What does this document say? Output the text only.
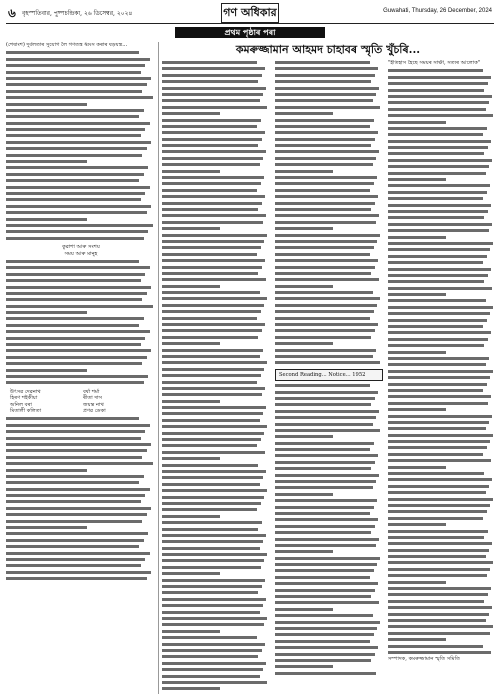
৬ বৃহস্পতিবার, পুষ্পচন্দ্রিকা, ২৬ ডিসেম্বর, ২০২৪	গণ অধিকার	Guwahati, Thursday, 26 December, 2024
প্ৰথম পৃষ্ঠাৰ পৰা

(শেষাংশ) দুৰ্বলতাৰ সুযোগ লৈ গণতন্ত্ৰ ধ্বংস কৰাৰ ষড়যন্ত্ৰ...

কুৱাশা আৰু সংশয়
সময় আৰু মানুহ
উৎসৱ দেৱনাথ	বৰ্ষা শৰ্মা
হিৰণ শইকীয়া	ৰীতা দাস
অনিল বৰা	জয়ন্ত নাথ
মিতালী কলিতা	প্ৰণৱ ডেকা
কমৰুজ্জামান আহমদ চাহাবৰ স্মৃতি খুঁচৰি...
Second Reading... Notice... 1952

"ইতিহাস হৈছে সময়ৰ সাক্ষী, সত্যৰ আলোক"

সম্পাদক, কমৰুজ্জামান স্মৃতি সমিতি
